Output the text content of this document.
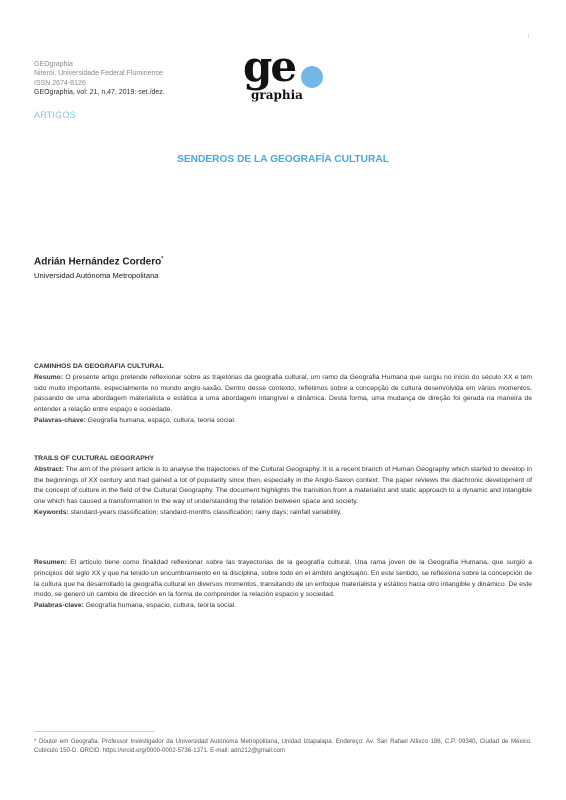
i
GEOgraphia
Niterói, Universidade Federal Fluminense
ISSN 2674-8126
GEOgraphia, vol: 21, n.47, 2019: set./dez.
ARTIGOS
ge
graphia
SENDEROS DE LA GEOGRAFÍA CULTURAL
Adrián Hernández Cordero*
Universidad Autónoma Metropolitana
CAMINHOS DA GEOGRAFIA CULTURAL
Resumo: O presente artigo pretende reflexionar sobre as trajetórias da geografia cultural, um ramo da Geografia Humana que surgiu no início do século XX e tem sido muito importante, especialmente no mundo anglo-saxão. Dentro desse contexto, refletimos sobre a concepção de cultura desenvolvida em vários momentos, passando de uma abordagem materialista e estática a uma abordagem intangível e dinâmica. Desta forma, uma mudança de direção foi gerada na maneira de entender a relação entre espaço e sociedade.
Palavras-chave: Geografia humana, espaço, cultura, teoria social.
TRAILS OF CULTURAL GEOGRAPHY
Abstract: The aim of the present article is to analyse the trajectories of the Cultural Geography. It is a recent branch of Human Geography which started to develop in the beginnings of XX century and had gained a lot of popularity since then, especially in the Anglo-Saxon context. The paper reviews the diachronic development of the concept of culture in the field of the Cultural Geography. The document highlights the transition from a materialist and static approach to a dynamic and intangible one which has caused a transformation in the way of understanding the relation between space and society.
Keywords: standard-years classification; standard-months classification; rainy days; rainfall variability.
Resumen: El artículo tiene como finalidad reflexionar sobre las trayectorias de la geografía cultural. Una rama joven de la Geografía Humana, que surgió a principios del siglo XX y que ha tenido un encumbramiento en la disciplina, sobre todo en el ámbito anglosajón. En este sentido, se reflexiona sobre la concepción de la cultura que ha desarrollado la geografía cultural en diversos momentos, transitando de un enfoque materialista y estático hacia otro intangible y dinámico. De este modo, se generó un cambio de dirección en la forma de comprender la relación espacio y sociedad.
Palabras-clave: Geografía humana, espacio, cultura, teoría social.
* Doutor em Geografia. Professor Investigador da Universidad Autónoma Metropolitana, Unidad Iztapalapa. Endereço: Av. San Rafael Atlixco 186, C.P. 09340, Ciudad de México. Cubículo 150-D. ORCID: https://orcid.org/0000-0002-5736-1371. E-mail: adn212@gmail.com
